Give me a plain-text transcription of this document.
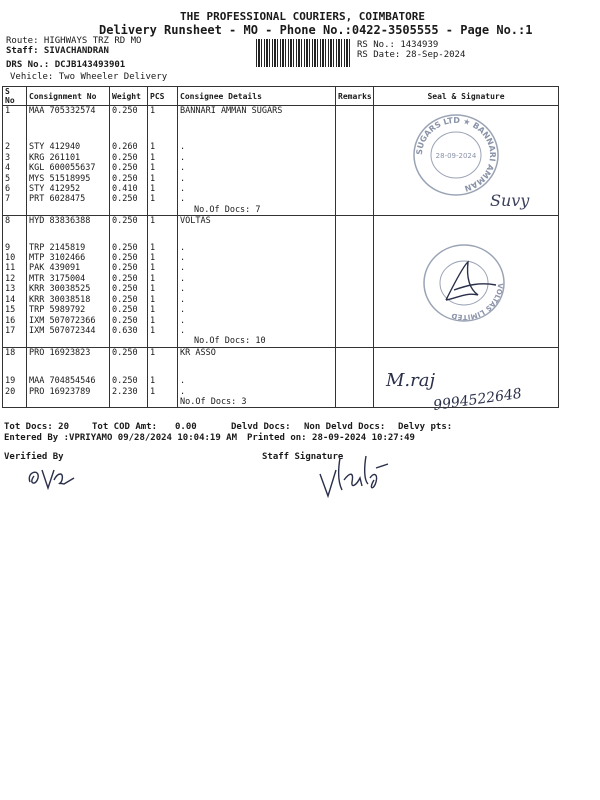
THE PROFESSIONAL COURIERS, COIMBATORE
Delivery Runsheet - MO - Phone No.:0422-3505555 - Page No.:1
Route: HIGHWAYS TRZ RD MO
Staff: SIVACHANDRAN
DRS No.: DCJB143493901
Vehicle: Two Wheeler Delivery
RS No.: 1434939
RS Date: 28-Sep-2024
S No	Consignment No	Weight	PCS	Consignee Details	Remarks	Seal & Signature
1	MAA 705332574	0.250	1	BANNARI AMMAN SUGARS		
2	STY 412940	0.260	1	.		
3	KRG 261101	0.250	1	.		
4	KGL 600055637	0.250	1	.		
5	MYS 51518995	0.250	1	.		
6	STY 412952	0.410	1	.		
7	PRT 6028475	0.250	1	.		
				No.Of Docs: 7		
8	HYD 83836388	0.250	1	VOLTAS		
9	TRP 2145819	0.250	1	.		
10	MTP 3102466	0.250	1	.		
11	PAK 439091	0.250	1	.		
12	MTR 3175004	0.250	1	.		
13	KRR 30038525	0.250	1	.		
14	KRR 30038518	0.250	1	.		
15	TRP 5989792	0.250	1	.		
16	IXM 507072366	0.250	1	.		
17	IXM 507072344	0.630	1	.		
				No.Of Docs: 10		
18	PRO 16923823	0.250	1	KR ASSO		
19	MAA 704854546	0.250	1	.		
20	PRO 16923789	2.230	1	.		
				No.Of Docs: 3		
SUGARS LTD ★ BANNARI AMMAN
28-09-2024
Suvy
VOLTAS LIMITED
M.raj
9994522648
Tot Docs: 20	Tot COD Amt: 0.00	Delvd Docs: Non Delvd Docs: Delvy pts:
Entered By :VPRIYAMO 09/28/2024 10:04:19 AM Printed on: 28-09-2024 10:27:49
Verified By	Staff Signature
